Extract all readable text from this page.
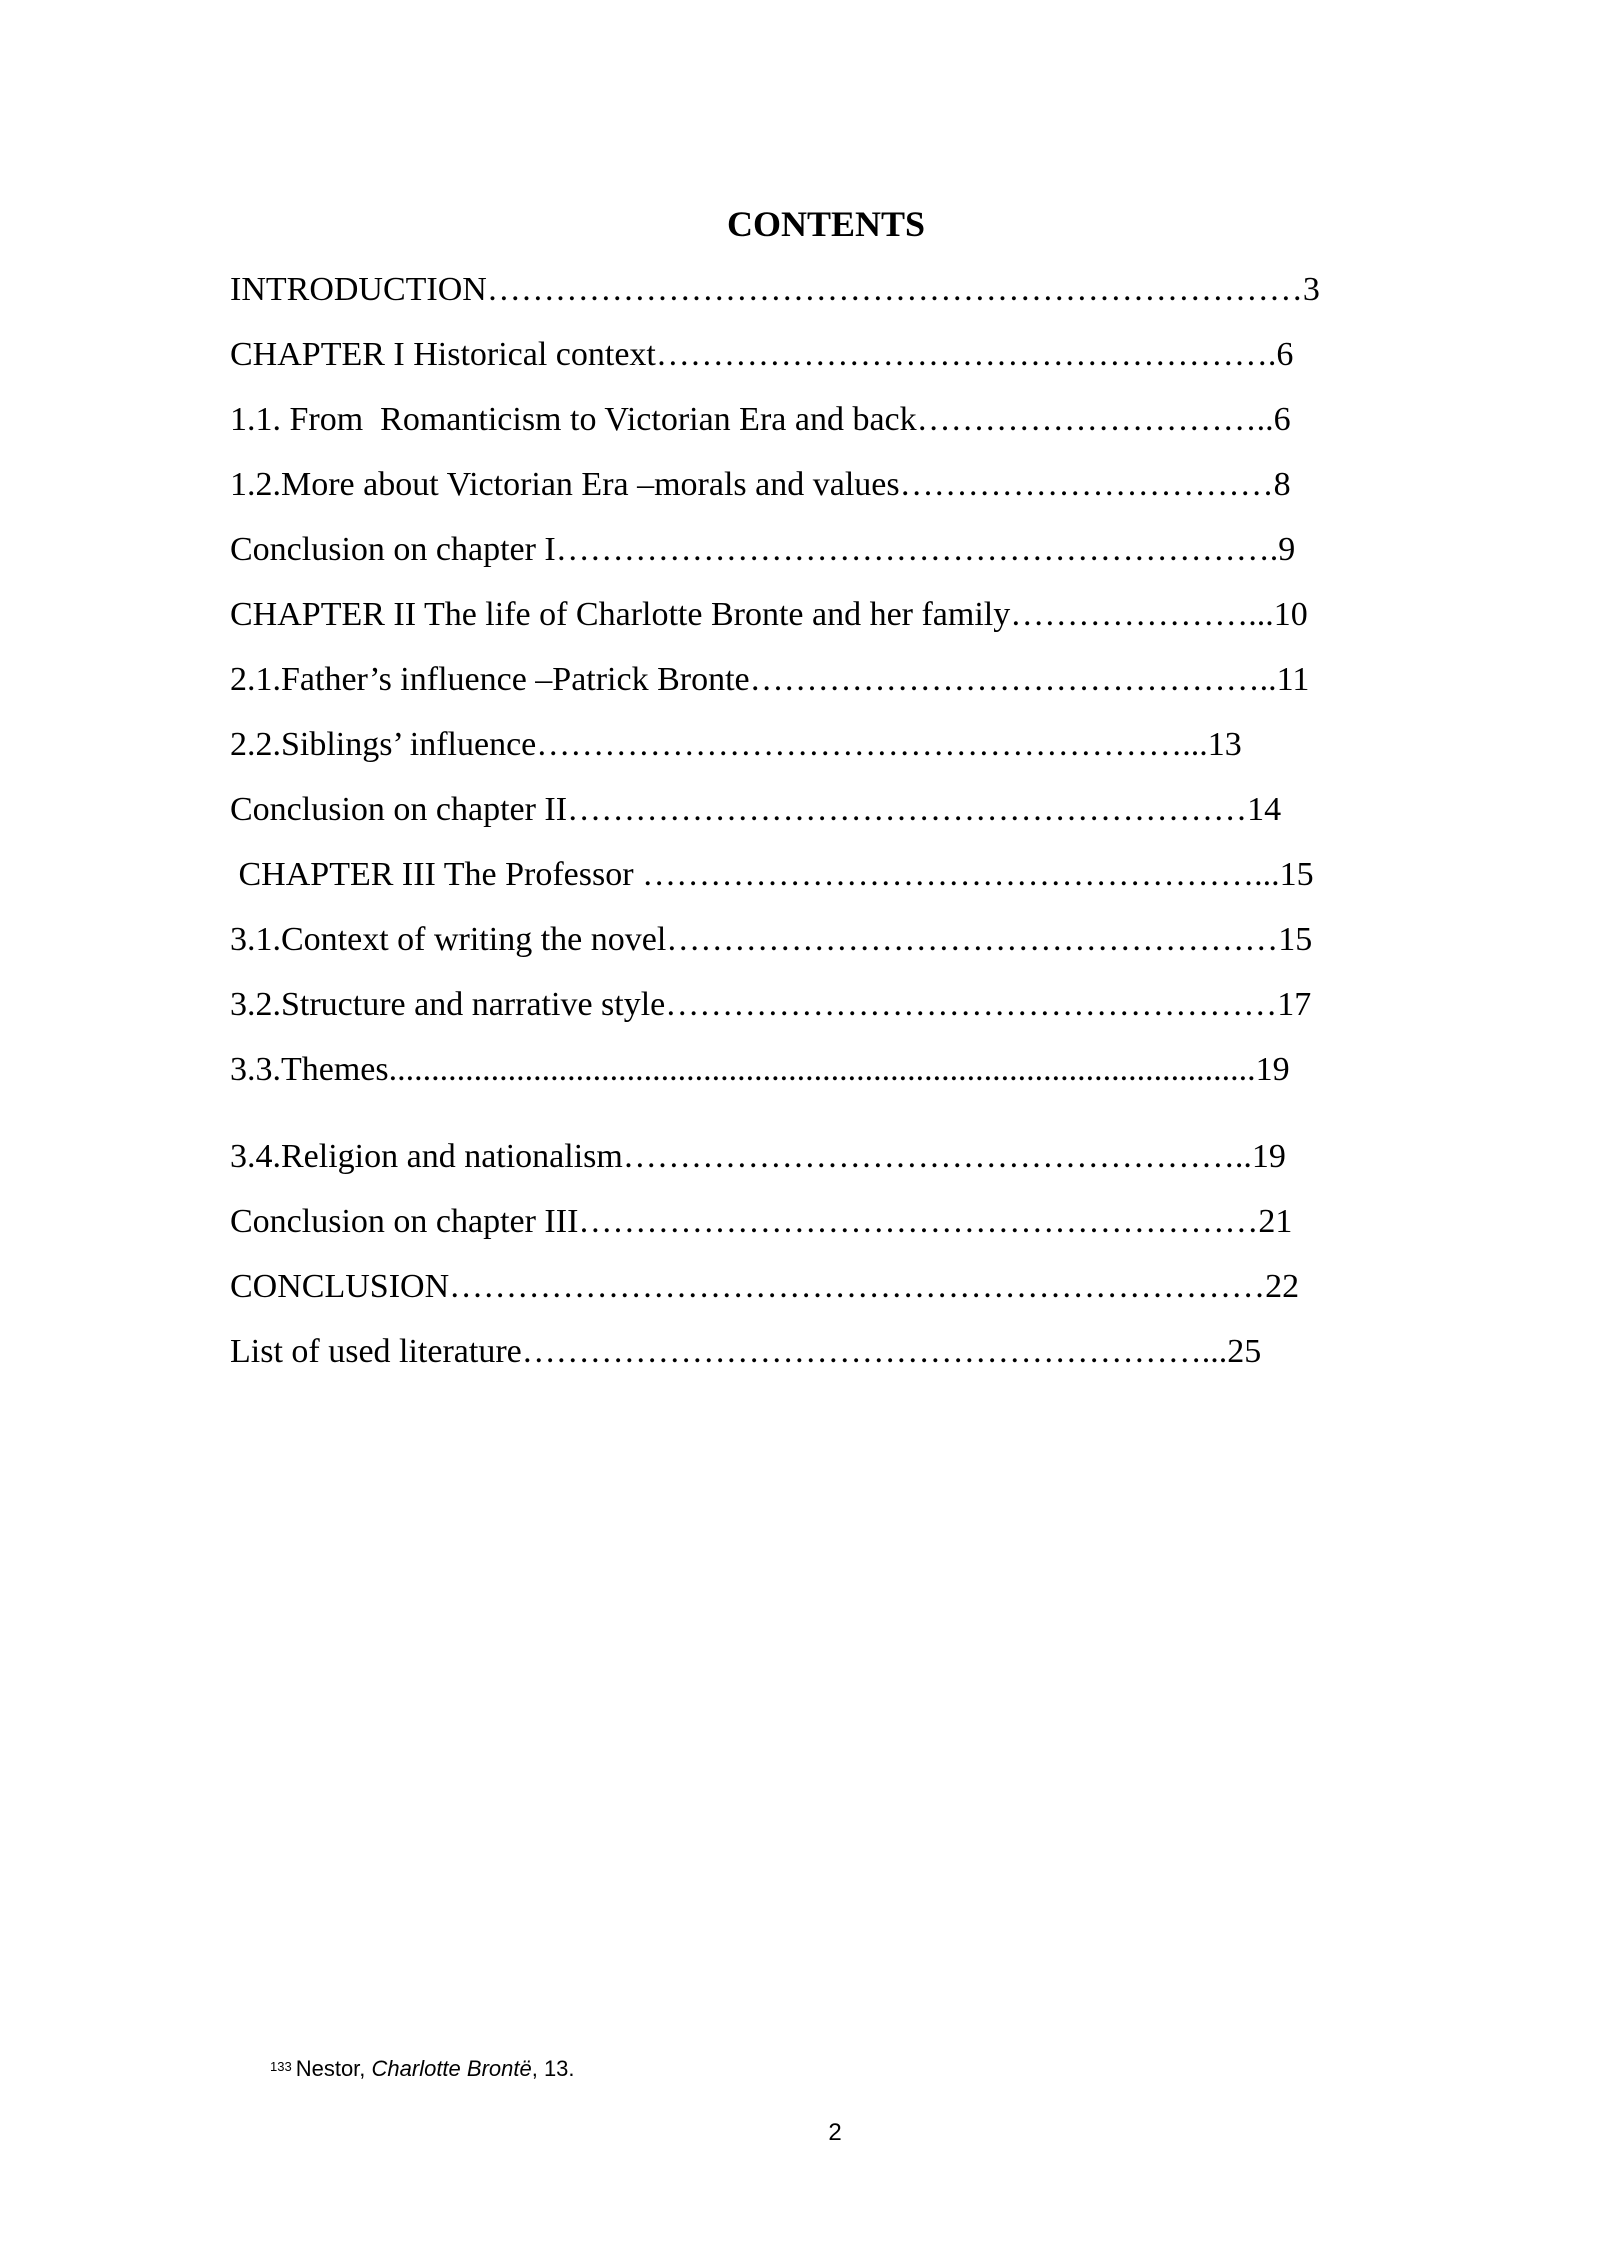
CONTENTS
INTRODUCTION………………………………………………………………3
CHAPTER I Historical context……………………………………………….6
1.1. From  Romanticism to Victorian Era and back…………………………..6
1.2.More about Victorian Era –morals and values……………………………8
Conclusion on chapter I……………………………………………………….9
CHAPTER II The life of Charlotte Bronte and her family…………………...10
2.1.Father’s influence –Patrick Bronte………………………………………..11
2.2.Siblings’ influence…………………………………………………...13
Conclusion on chapter II……………………………………………………14
CHAPTER III The Professor ………………………………………………...15
3.1.Context of writing the novel………………………………………………15
3.2.Structure and narrative style………………………………………………17
3.3.Themes......................................................................................................19
3.4.Religion and nationalism………………………………………………..19
Conclusion on chapter III……………………………………………………21
CONCLUSION………………………………………………………………22
List of used literature……………………………………………………...25
$^{133}$ Nestor, Charlotte Brontë, 13.
2
